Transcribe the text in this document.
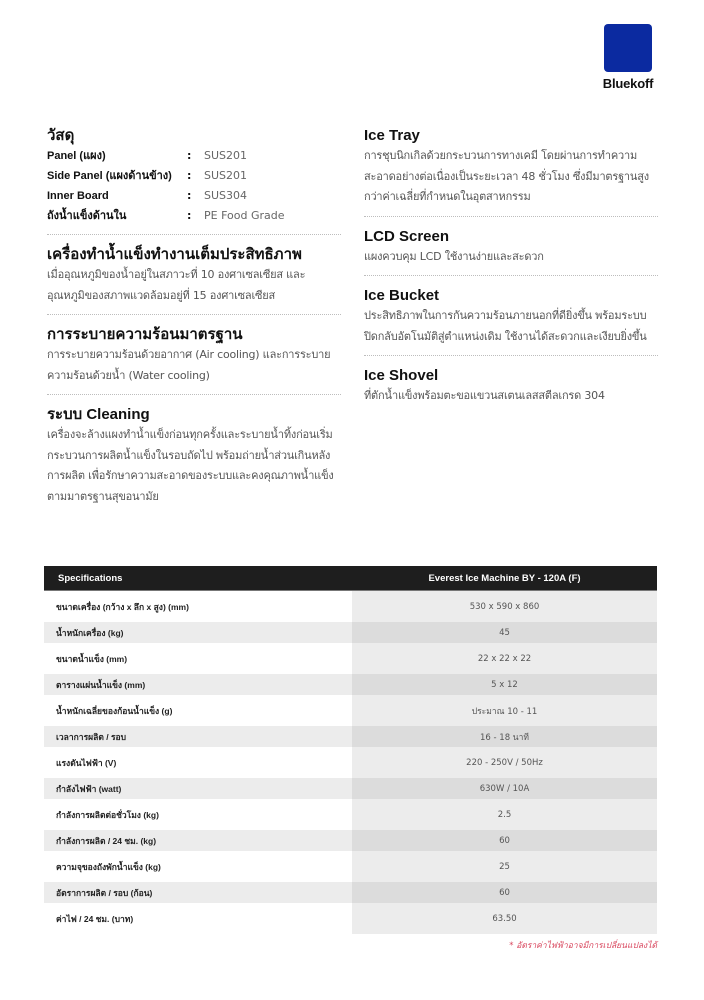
Bluekoff
วัสดุ
Panel (แผง)	:	SUS201
Side Panel (แผงด้านข้าง)	:	SUS201
Inner Board	:	SUS304
ถังน้ำแข็งด้านใน	:	PE Food Grade
เครื่องทำน้ำแข็งทำงานเต็มประสิทธิภาพ

เมื่ออุณหภูมิของน้ำอยู่ในสภาวะที่ 10 องศาเซลเซียส และอุณหภูมิของสภาพแวดล้อมอยู่ที่ 15 องศาเซลเซียส

การระบายความร้อนมาตรฐาน

การระบายความร้อนด้วยอากาศ (Air cooling) และการระบายความร้อนด้วยน้ำ (Water cooling)

ระบบ Cleaning

เครื่องจะล้างแผงทำน้ำแข็งก่อนทุกครั้งและระบายน้ำทิ้งก่อนเริ่มกระบวนการผลิตน้ำแข็งในรอบถัดไป พร้อมถ่ายน้ำส่วนเกินหลังการผลิต เพื่อรักษาความสะอาดของระบบและคงคุณภาพน้ำแข็งตามมาตรฐานสุขอนามัย

Ice Tray

การชุบนิกเกิลด้วยกระบวนการทางเคมี โดยผ่านการทำความสะอาดอย่างต่อเนื่องเป็นระยะเวลา 48 ชั่วโมง ซึ่งมีมาตรฐานสูงกว่าค่าเฉลี่ยที่กำหนดในอุตสาหกรรม

LCD Screen

แผงควบคุม LCD ใช้งานง่ายและสะดวก

Ice Bucket

ประสิทธิภาพในการกันความร้อนภายนอกที่ดียิ่งขึ้น พร้อมระบบปิดกลับอัตโนมัติสู่ตำแหน่งเดิม ใช้งานได้สะดวกและเงียบยิ่งขึ้น

Ice Shovel

ที่ตักน้ำแข็งพร้อมตะขอแขวนสเตนเลสสตีลเกรด 304

Specifications	Everest Ice Machine BY - 120A (F)
ขนาดเครื่อง (กว้าง x ลึก x สูง) (mm)	530 x 590 x 860
น้ำหนักเครื่อง (kg)	45
ขนาดน้ำแข็ง (mm)	22 x 22 x 22
ตารางแผ่นน้ำแข็ง (mm)	5 x 12
น้ำหนักเฉลี่ยของก้อนน้ำแข็ง (g)	ประมาณ 10 - 11
เวลาการผลิต / รอบ	16 - 18 นาที
แรงดันไฟฟ้า (V)	220 - 250V / 50Hz
กำลังไฟฟ้า (watt)	630W / 10A
กำลังการผลิตต่อชั่วโมง (kg)	2.5
กำลังการผลิต / 24 ชม. (kg)	60
ความจุของถังพักน้ำแข็ง (kg)	25
อัตราการผลิต / รอบ (ก้อน)	60
ค่าไฟ / 24 ชม. (บาท)	63.50
* อัตราค่าไฟฟ้าอาจมีการเปลี่ยนแปลงได้
